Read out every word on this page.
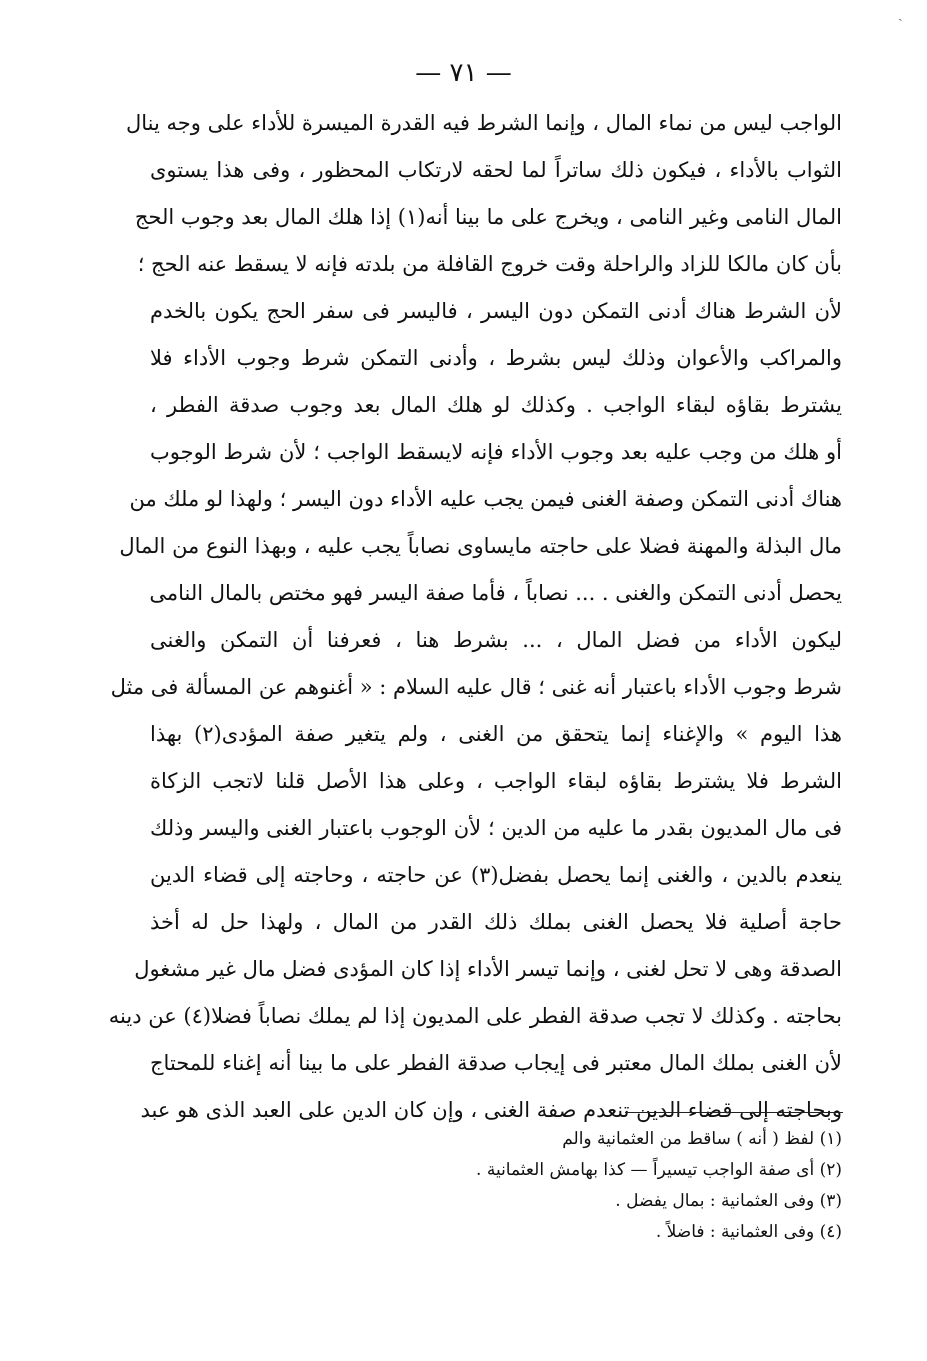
ˎ
— ٧١ —
الواجب ليس من نماء المال ، وإنما الشرط فيه القدرة الميسرة للأداء على وجه ينال
الثواب بالأداء ، فيكون ذلك ساتراً لما لحقه لارتكاب المحظور ، وفى هذا يستوى
المال النامى وغير النامى ، ويخرج على ما بينا أنه(١) إذا هلك المال بعد وجوب الحج
بأن كان مالكا للزاد والراحلة وقت خروج القافلة من بلدته فإنه لا يسقط عنه الحج ؛
لأن الشرط هناك أدنى التمكن دون اليسر ، فاليسر فى سفر الحج يكون بالخدم
والمراكب والأعوان وذلك ليس بشرط ، وأدنى التمكن شرط وجوب الأداء فلا
يشترط بقاؤه لبقاء الواجب . وكذلك لو هلك المال بعد وجوب صدقة الفطر ،
أو هلك من وجب عليه بعد وجوب الأداء فإنه لايسقط الواجب ؛ لأن شرط الوجوب
هناك أدنى التمكن وصفة الغنى فيمن يجب عليه الأداء دون اليسر ؛ ولهذا لو ملك من
مال البذلة والمهنة فضلا على حاجته مايساوى نصاباً يجب عليه ، وبهذا النوع من المال
يحصل أدنى التمكن والغنى . ... نصاباً ، فأما صفة اليسر فهو مختص بالمال النامى
ليكون الأداء من فضل المال ، ... بشرط هنا ، فعرفنا أن التمكن والغنى
شرط وجوب الأداء باعتبار أنه غنى ؛ قال عليه السلام : « أغنوهم عن المسألة فى مثل
هذا اليوم » والإغناء إنما يتحقق من الغنى ، ولم يتغير صفة المؤدى(٢) بهذا
الشرط فلا يشترط بقاؤه لبقاء الواجب ، وعلى هذا الأصل قلنا لاتجب الزكاة
فى مال المديون بقدر ما عليه من الدين ؛ لأن الوجوب باعتبار الغنى واليسر وذلك
ينعدم بالدين ، والغنى إنما يحصل بفضل(٣) عن حاجته ، وحاجته إلى قضاء الدين
حاجة أصلية فلا يحصل الغنى بملك ذلك القدر من المال ، ولهذا حل له أخذ
الصدقة وهى لا تحل لغنى ، وإنما تيسر الأداء إذا كان المؤدى فضل مال غير مشغول
بحاجته . وكذلك لا تجب صدقة الفطر على المديون إذا لم يملك نصاباً فضلا(٤) عن دينه
لأن الغنى بملك المال معتبر فى إيجاب صدقة الفطر على ما بينا أنه إغناء للمحتاج
وبحاجته إلى قضاء الدين تنعدم صفة الغنى ، وإن كان الدين على العبد الذى هو عبد
(١) لفظ ( أنه ) ساقط من العثمانية والم
(٢) أى صفة الواجب تيسيراً — كذا بهامش العثمانية .
(٣) وفى العثمانية : بمال يفضل .
(٤) وفى العثمانية : فاضلاً .
